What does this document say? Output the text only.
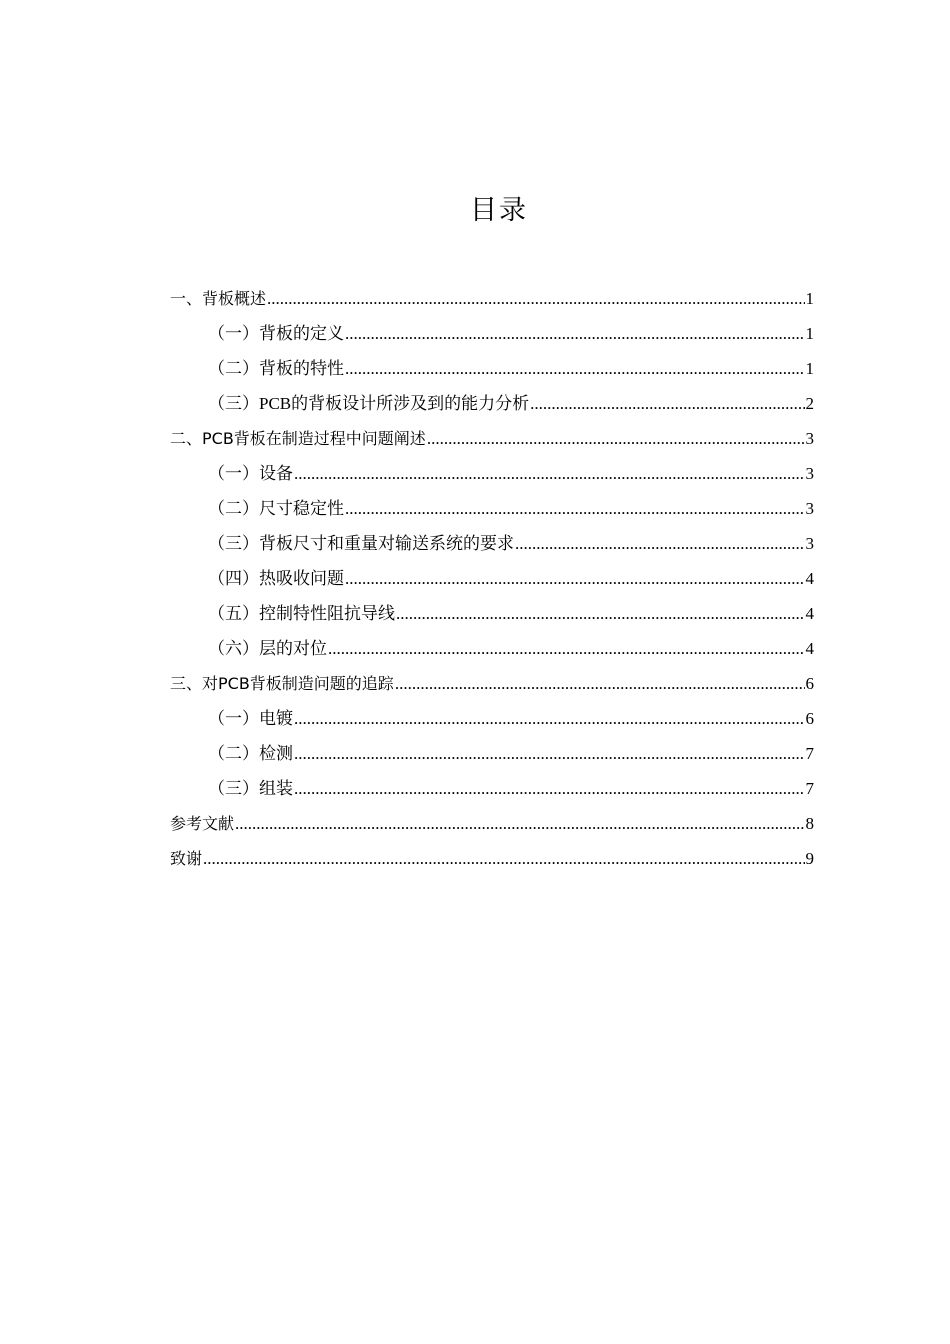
目录
一、背板概述 .....	1
（一）背板的定义 .....	1
（二）背板的特性 .....	1
（三）PCB的背板设计所涉及到的能力分析 .....	2
二、PCB背板在制造过程中问题阐述 .....	3
（一）设备 .....	3
（二）尺寸稳定性 .....	3
（三）背板尺寸和重量对输送系统的要求 .....	3
（四）热吸收问题 .....	4
（五）控制特性阻抗导线 .....	4
（六）层的对位 .....	4
三、对PCB背板制造问题的追踪 .....	6
（一）电镀 .....	6
（二）检测 .....	7
（三）组装 .....	7
参考文献 .....	8
致谢 .....	9
